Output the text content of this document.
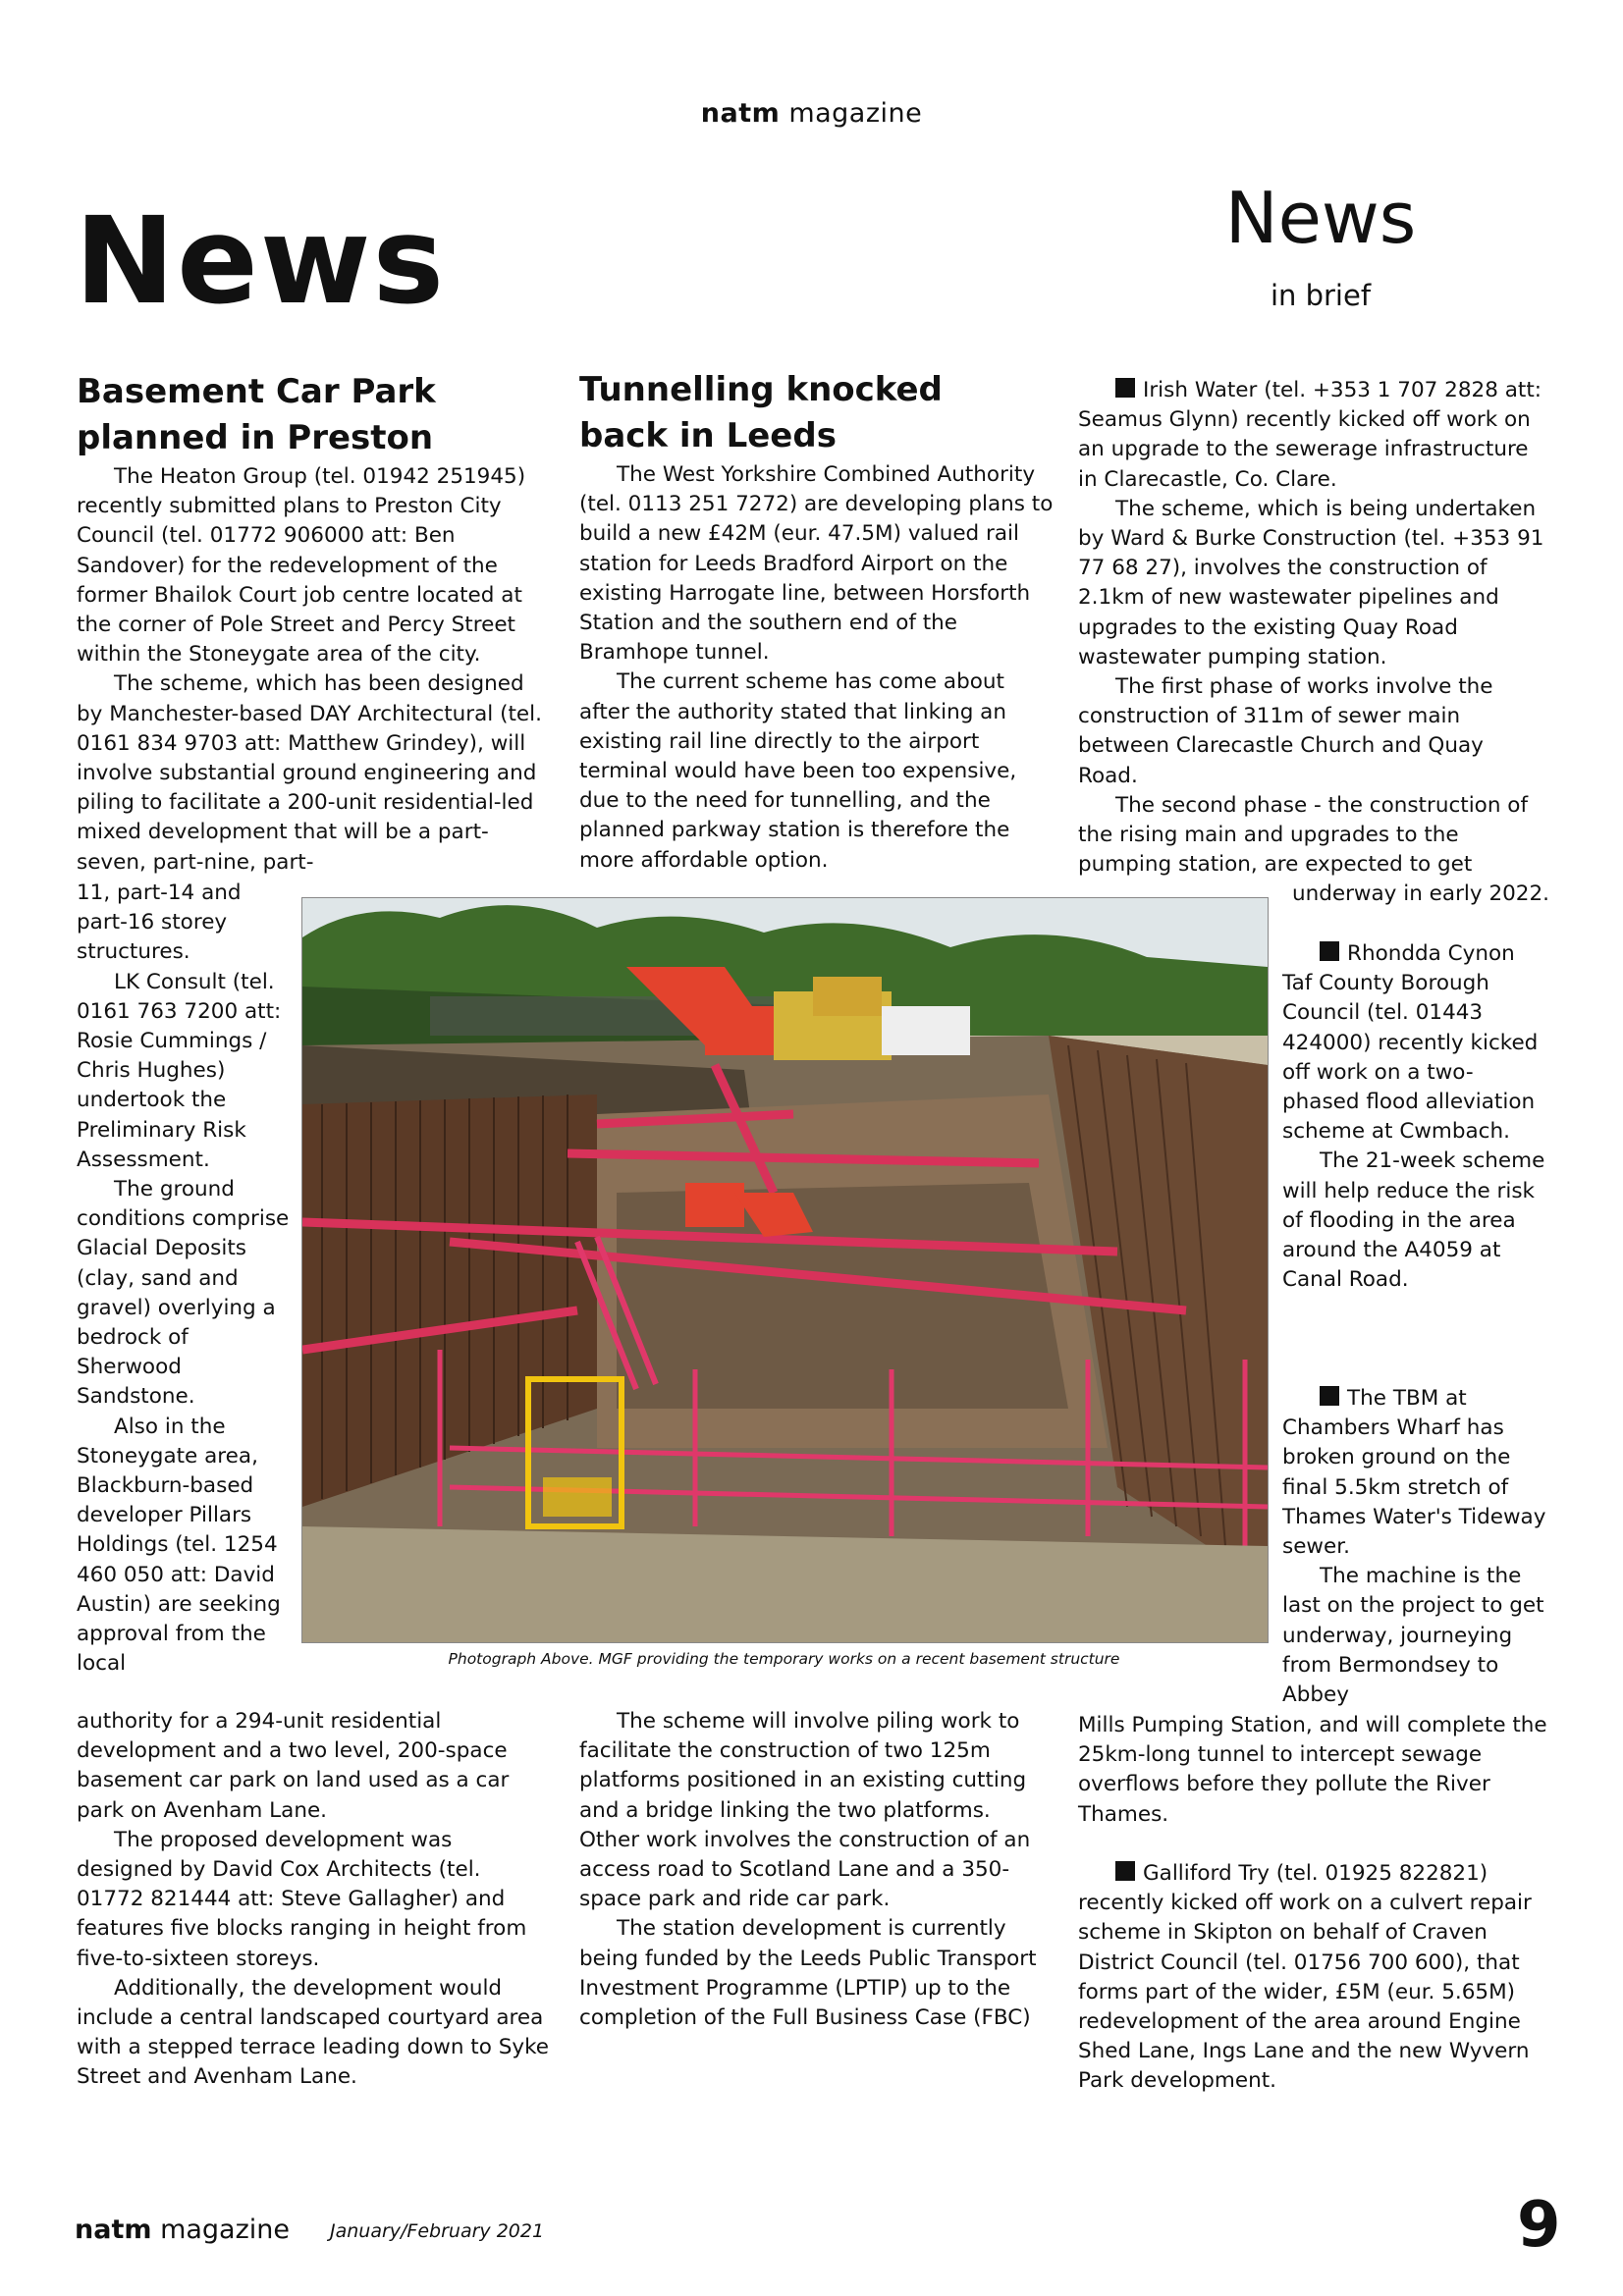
natm magazine
News	News
in brief
Basement Car Park
planned in Preston

The Heaton Group (tel. 01942 251945) recently submitted plans to Preston City Council (tel. 01772 906000 att: Ben Sandover) for the redevelopment of the former Bhailok Court job centre located at the corner of Pole Street and Percy Street within the Stoneygate area of the city.

The scheme, which has been designed by Manchester-based DAY Architectural (tel. 0161 834 9703 att: Matthew Grindey), will involve substantial ground engineering and piling to facilitate a 200-unit residential-led mixed development that will be a part-seven, part-nine, part-

11, part-14 and part-16 storey structures.

LK Consult (tel. 0161 763 7200 att: Rosie Cummings / Chris Hughes) undertook the Preliminary Risk Assessment.

The ground conditions comprise Glacial Deposits (clay, sand and gravel) overlying a bedrock of Sherwood Sandstone.

Also in the Stoneygate area, Blackburn-based developer Pillars Holdings (tel. 1254 460 050 att: David Austin) are seeking approval from the local

authority for a 294-unit residential development and a two level, 200-space basement car park on land used as a car park on Avenham Lane.

The proposed development was designed by David Cox Architects (tel. 01772 821444 att: Steve Gallagher) and features five blocks ranging in height from five-to-sixteen storeys.

Additionally, the development would include a central landscaped courtyard area with a stepped terrace leading down to Syke Street and Avenham Lane.

Tunnelling knocked
back in Leeds

The West Yorkshire Combined Authority (tel. 0113 251 7272) are developing plans to build a new £42M (eur. 47.5M) valued rail station for Leeds Bradford Airport on the existing Harrogate line, between Horsforth Station and the southern end of the Bramhope tunnel.

The current scheme has come about after the authority stated that linking an existing rail line directly to the airport terminal would have been too expensive, due to the need for tunnelling, and the planned parkway station is therefore the more affordable option.

The scheme will involve piling work to facilitate the construction of two 125m platforms positioned in an existing cutting and a bridge linking the two platforms. Other work involves the construction of an access road to Scotland Lane and a 350-space park and ride car park.

The station development is currently being funded by the Leeds Public Transport Investment Programme (LPTIP) up to the completion of the Full Business Case (FBC)

Irish Water (tel. +353 1 707 2828 att: Seamus Glynn) recently kicked off work on an upgrade to the sewerage infrastructure in Clarecastle, Co. Clare.

The scheme, which is being undertaken by Ward & Burke Construction (tel. +353 91 77 68 27), involves the construction of 2.1km of new wastewater pipelines and upgrades to the existing Quay Road wastewater pumping station.

The first phase of works involve the construction of 311m of sewer main between Clarecastle Church and Quay Road.

The second phase - the construction of the rising main and upgrades to the pumping station, are expected to get

underway in early 2022.

Rhondda Cynon Taf County Borough Council (tel. 01443 424000) recently kicked off work on a two-phased flood alleviation scheme at Cwmbach.

The 21-week scheme will help reduce the risk of flooding in the area around the A4059 at Canal Road.

The TBM at Chambers Wharf has broken ground on the final 5.5km stretch of Thames Water's Tideway sewer.

The machine is the last on the project to get underway, journeying from Bermondsey to Abbey

Mills Pumping Station, and will complete the 25km-long tunnel to intercept sewage overflows before they pollute the River Thames.

Galliford Try (tel. 01925 822821) recently kicked off work on a culvert repair scheme in Skipton on behalf of Craven District Council (tel. 01756 700 600), that forms part of the wider, £5M (eur. 5.65M) redevelopment of the area around Engine Shed Lane, Ings Lane and the new Wyvern Park development.

Photograph Above. MGF providing the temporary works on a recent basement structure
natm magazine January/February 2021	9
